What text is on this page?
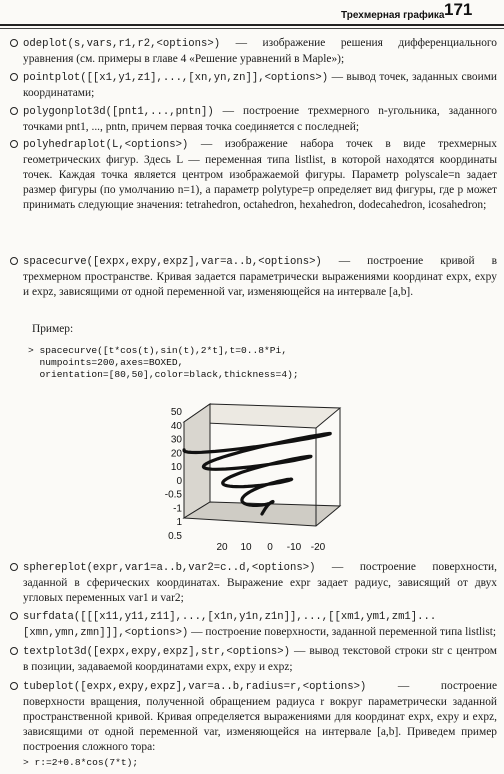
Трехмерная графика 171

odeplot(s,vars,r1,r2,<options>) — изображение решения дифференциального уравнения (см. примеры в главе 4 «Решение уравнений в Maple»);

pointplot([[x1,y1,z1],...,[xn,yn,zn]],<options>) — вывод точек, заданных своими координатами;

polygonplot3d([pnt1,...,pntn]) — построение трехмерного n-угольника, заданного точками pnt1, ..., pntn, причем первая точка соединяется с последней;

polyhedraplot(L,<options>) — изображение набора точек в виде трехмерных геометрических фигур. Здесь L — переменная типа listlist, в которой находятся координаты точек. Каждая точка является центром изображаемой фигуры. Параметр polyscale=n задает размер фигуры (по умолчанию n=1), а параметр polytype=p определяет вид фигуры, где p может принимать следующие значения: tetrahedron, octahedron, hexahedron, dodecahedron, icosahedron;

spacecurve([expx,expy,expz],var=a..b,<options>) — построение кривой в трехмерном пространстве. Кривая задается параметрически выражениями координат expx, expy и expz, зависящими от одной переменной var, изменяющейся на интервале [a,b].

Пример:
> spacecurve([t*cos(t),sin(t),2*t],t=0..8*Pi,
numpoints=200,axes=BOXED,
orientation=[80,50],color=black,thickness=4);
50
40
30
20
10
0
-0.5
-1
1
0.5
20 10 0 -10 -20

sphereplot(expr,var1=a..b,var2=c..d,<options>) — построение поверхности, заданной в сферических координатах. Выражение expr задает радиус, зависящий от двух угловых переменных var1 и var2;

surfdata([[[x11,y11,z11],...,[x1n,y1n,z1n]],...,[[xm1,ym1,zm1]...[xmn,ymn,zmn]]],<options>) — построение поверхности, заданной переменной типа listlist;

textplot3d([expx,expy,expz],str,<options>) — вывод текстовой строки str с центром в позиции, задаваемой координатами expx, expy и expz;

tubeplot([expx,expy,expz],var=a..b,radius=r,<options>) — построение поверхности вращения, полученной обращением радиуса r вокруг параметрически заданной пространственной кривой. Кривая определяется выражениями для координат expx, expy и expz, зависящими от одной переменной var, изменяющейся на интервале [a,b]. Приведем пример построения сложного тора:

> r:=2+0.8*cos(7*t);
